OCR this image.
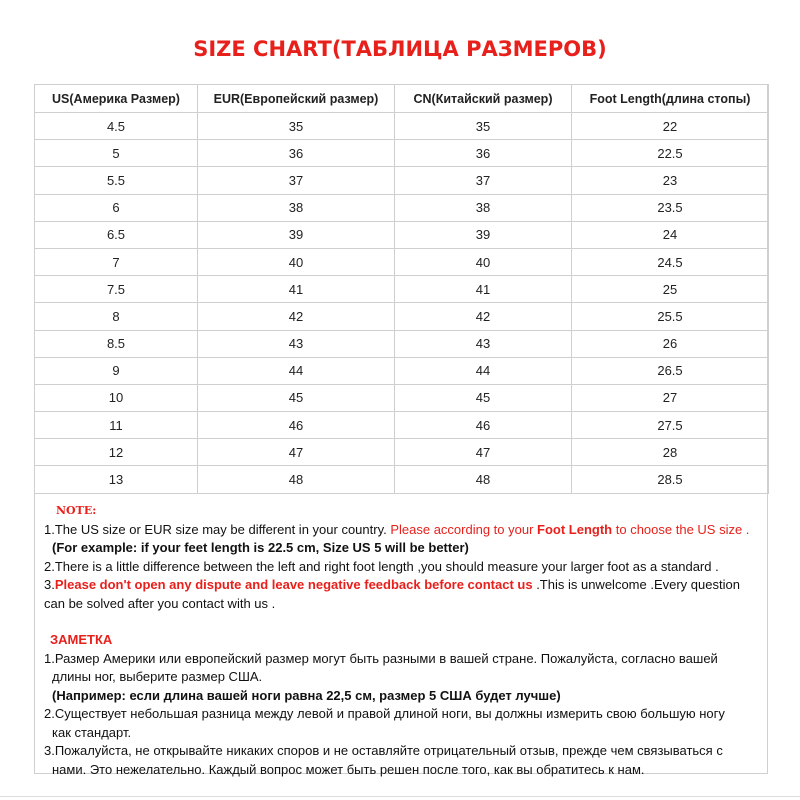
SIZE CHART(ТАБЛИЦА РАЗМЕРОВ)
US(Америка Размер)	EUR(Европейский размер)	CN(Китайский размер)	Foot Length(длина стопы)
4.5	35	35	22
5	36	36	22.5
5.5	37	37	23
6	38	38	23.5
6.5	39	39	24
7	40	40	24.5
7.5	41	41	25
8	42	42	25.5
8.5	43	43	26
9	44	44	26.5
10	45	45	27
11	46	46	27.5
12	47	47	28
13	48	48	28.5

NOTE:

1.The US size or EUR size may be different in your country. Please according to your Foot Length to choose the US size .

(For example: if your feet length is 22.5 cm, Size US 5 will be better)

2.There is a little difference between the left and right foot length ,you should measure your larger foot as a standard .

3.Please don't open any dispute and leave negative feedback before contact us .This is unwelcome .Every question

can be solved after you contact with us .

ЗАМЕТКА

1.Размер Америки или европейский размер могут быть разными в вашей стране. Пожалуйста, согласно вашей

длины ног, выберите размер США.

(Например: если длина вашей ноги равна 22,5 см, размер 5 США будет лучше)

2.Существует небольшая разница между левой и правой длиной ноги, вы должны измерить свою большую ногу

как стандарт.

3.Пожалуйста, не открывайте никаких споров и не оставляйте отрицательный отзыв, прежде чем связываться с

нами. Это нежелательно. Каждый вопрос может быть решен после того, как вы обратитесь к нам.
